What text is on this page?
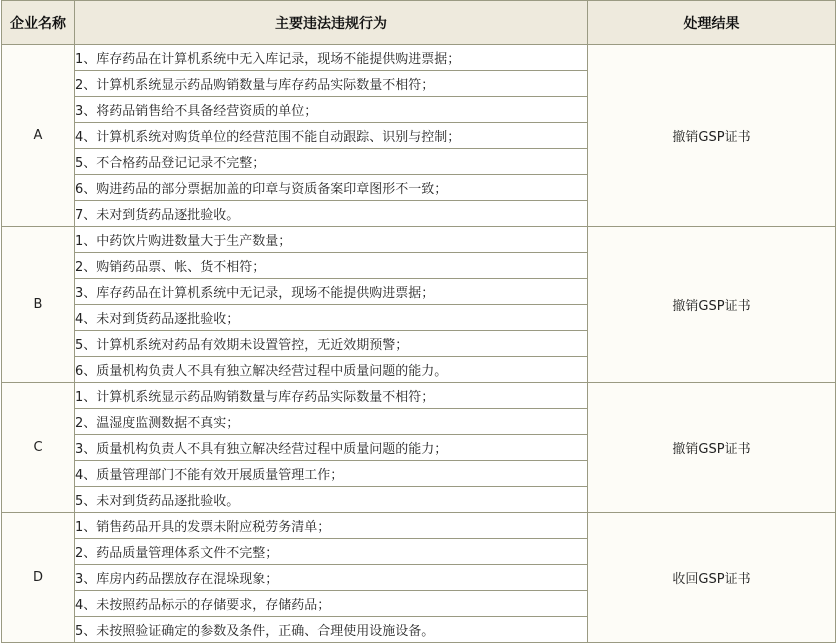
企业名称	主要违法违规行为	处理结果
A	1、库存药品在计算机系统中无入库记录，现场不能提供购进票据；	撤销GSP证书
	2、计算机系统显示药品购销数量与库存药品实际数量不相符；	
	3、将药品销售给不具备经营资质的单位；	
	4、计算机系统对购货单位的经营范围不能自动跟踪、识别与控制；	
	5、不合格药品登记记录不完整；	
	6、购进药品的部分票据加盖的印章与资质备案印章图形不一致；	
	7、未对到货药品逐批验收。	
B	1、中药饮片购进数量大于生产数量；	撤销GSP证书
	2、购销药品票、帐、货不相符；	
	3、库存药品在计算机系统中无记录，现场不能提供购进票据；	
	4、未对到货药品逐批验收；	
	5、计算机系统对药品有效期未设置管控，无近效期预警；	
	6、质量机构负责人不具有独立解决经营过程中质量问题的能力。	
C	1、计算机系统显示药品购销数量与库存药品实际数量不相符；	撤销GSP证书
	2、温湿度监测数据不真实；	
	3、质量机构负责人不具有独立解决经营过程中质量问题的能力；	
	4、质量管理部门不能有效开展质量管理工作；	
	5、未对到货药品逐批验收。	
D	1、销售药品开具的发票未附应税劳务清单；	收回GSP证书
	2、药品质量管理体系文件不完整；	
	3、库房内药品摆放存在混垛现象；	
	4、未按照药品标示的存储要求，存储药品；	
	5、未按照验证确定的参数及条件，正确、合理使用设施设备。	
